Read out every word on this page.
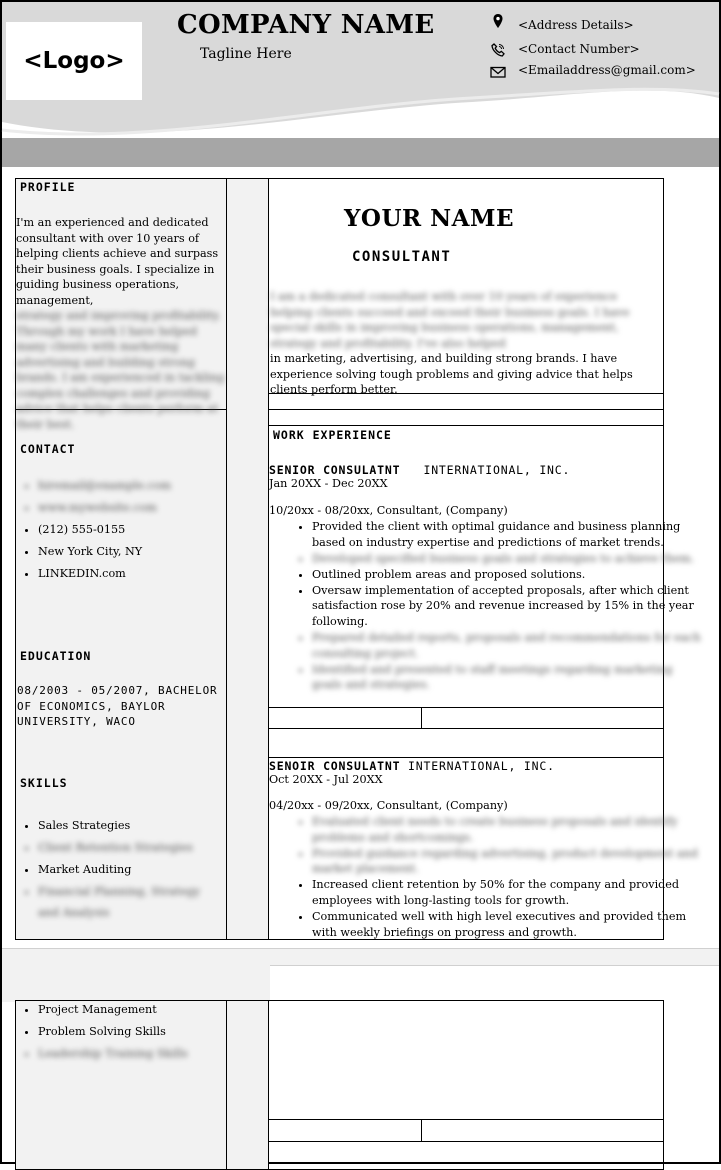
<Logo>
COMPANY NAME
Tagline Here
<Address Details>
<Contact Number>
<Emailaddress@gmail.com>
PROFILE
I'm an experienced and dedicated consultant with over 10 years of helping clients achieve and surpass their business goals. I specialize in guiding business operations, management,
strategy and improving profitability. Through my work I have helped many clients with marketing advertising and building strong brands. I am experienced in tackling complex challenges and providing advice that helps clients perform at their best.
CONTACT
• hiremail@example.com
• www.mywebsite.com
• (212) 555-0155
• New York City, NY
• LINKEDIN.com
EDUCATION
08/2003 - 05/2007, BACHELOR OF ECONOMICS, BAYLOR UNIVERSITY, WACO
SKILLS
• Sales Strategies
• Client Retention Strategies
• Market Auditing
• Financial Planning, Strategy and Analysis
YOUR NAME
CONSULTANT
I am a dedicated consultant with over 10 years of experience helping clients succeed and exceed their business goals. I have special skills in improving business operations, management, strategy and profitability. I've also helped
in marketing, advertising, and building strong brands. I have experience solving tough problems and giving advice that helps clients perform better.
WORK EXPERIENCE
SENIOR CONSULATNT INTERNATIONAL, INC.
Jan 20XX - Dec 20XX
10/20xx - 08/20xx, Consultant, (Company)
• Provided the client with optimal guidance and business planning based on industry expertise and predictions of market trends.
• Developed specified business goals and strategies to achieve them.
• Outlined problem areas and proposed solutions.
• Oversaw implementation of accepted proposals, after which client satisfaction rose by 20% and revenue increased by 15% in the year following.
• Prepared detailed reports, proposals and recommendations for each consulting project.
• Identified and presented to staff meetings regarding marketing goals and strategies.
SENOIR CONSULATNT INTERNATIONAL, INC.
Oct 20XX - Jul 20XX
04/20xx - 09/20xx, Consultant, (Company)
• Evaluated client needs to create business proposals and identify problems and shortcomings.
• Provided guidance regarding advertising, product development and market placement.
• Increased client retention by 50% for the company and provided employees with long-lasting tools for growth.
• Communicated well with high level executives and provided them with weekly briefings on progress and growth.
• Project Management
• Problem Solving Skills
• Leadership Training Skills
